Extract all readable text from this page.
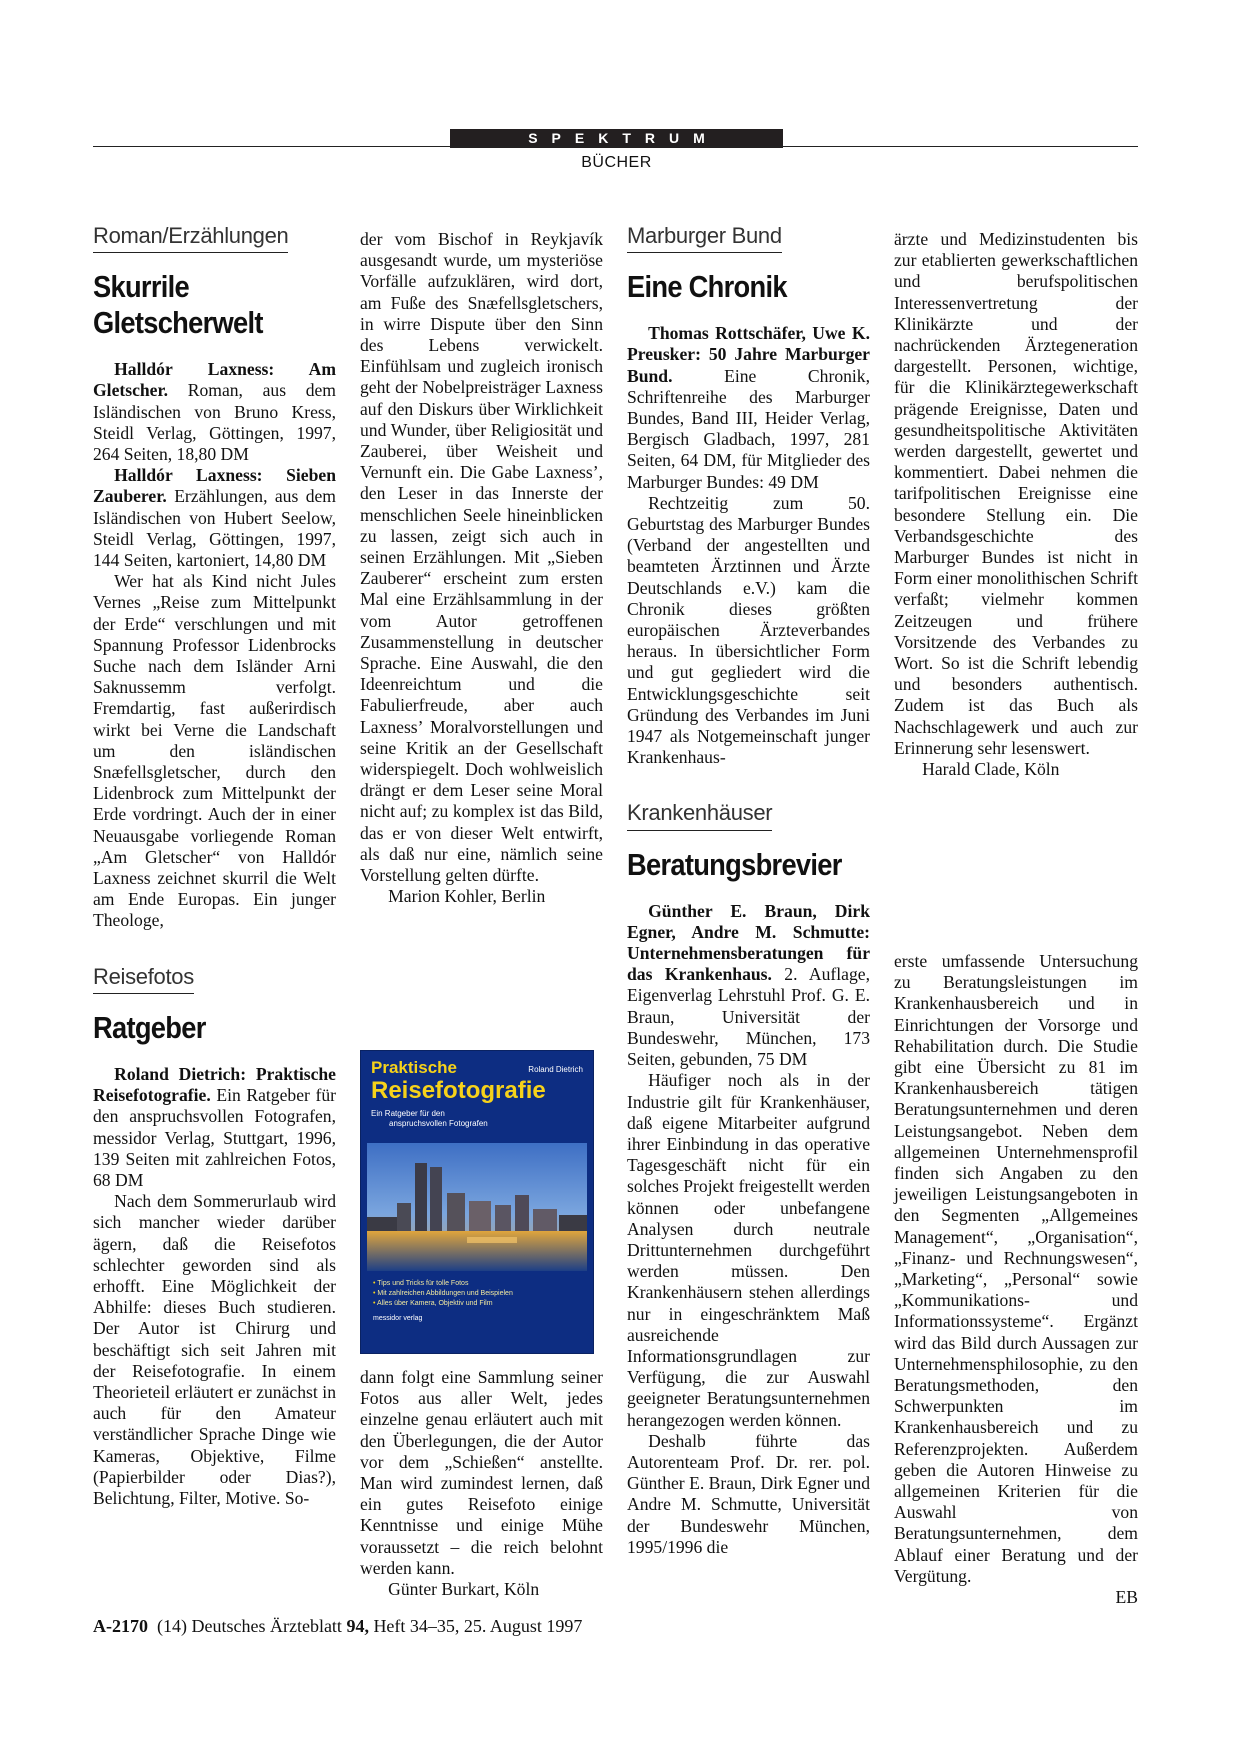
SPEKTRUM
BÜCHER
Roman/Erzählungen
Skurrile
Gletscherwelt

Halldór Laxness: Am Gletscher. Roman, aus dem Isländischen von Bruno Kress, Steidl Verlag, Göttingen, 1997, 264 Seiten, 18,80 DM

Halldór Laxness: Sieben Zauberer. Erzählungen, aus dem Isländischen von Hubert Seelow, Steidl Verlag, Göttingen, 1997, 144 Seiten, kartoniert, 14,80 DM

Wer hat als Kind nicht Jules Vernes „Reise zum Mittelpunkt der Erde“ verschlungen und mit Spannung Professor Lidenbrocks Suche nach dem Isländer Arni Saknussemm verfolgt. Fremdartig, fast außerirdisch wirkt bei Verne die Landschaft um den isländischen Snæfellsgletscher, durch den Lidenbrock zum Mittelpunkt der Erde vordringt. Auch der in einer Neuausgabe vorliegende Roman „Am Gletscher“ von Halldór Laxness zeichnet skurril die Welt am Ende Europas. Ein junger Theologe,

Reisefotos
Ratgeber

Roland Dietrich: Praktische Reisefotografie. Ein Ratgeber für den anspruchsvollen Fotografen, messidor Verlag, Stuttgart, 1996, 139 Seiten mit zahlreichen Fotos, 68 DM

Nach dem Sommerurlaub wird sich mancher wieder darüber ägern, daß die Reisefotos schlechter geworden sind als erhofft. Eine Möglichkeit der Abhilfe: dieses Buch studieren. Der Autor ist Chirurg und beschäftigt sich seit Jahren mit der Reisefotografie. In einem Theorieteil erläutert er zunächst in auch für den Amateur verständlicher Sprache Dinge wie Kameras, Objektive, Filme (Papierbilder oder Dias?), Belichtung, Filter, Motive. So-

der vom Bischof in Reykjavík ausgesandt wurde, um mysteriöse Vorfälle aufzuklären, wird dort, am Fuße des Snæfellsgletschers, in wirre Dispute über den Sinn des Lebens verwickelt. Einfühlsam und zugleich ironisch geht der Nobelpreisträger Laxness auf den Diskurs über Wirklichkeit und Wunder, über Religiosität und Zauberei, über Weisheit und Vernunft ein. Die Gabe Laxness’, den Leser in das Innerste der menschlichen Seele hineinblicken zu lassen, zeigt sich auch in seinen Erzählungen. Mit „Sieben Zauberer“ erscheint zum ersten Mal eine Erzählsammlung in der vom Autor getroffenen Zusammenstellung in deutscher Sprache. Eine Auswahl, die den Ideenreichtum und die Fabulierfreude, aber auch Laxness’ Moralvorstellungen und seine Kritik an der Gesellschaft widerspiegelt. Doch wohlweislich drängt er dem Leser seine Moral nicht auf; zu komplex ist das Bild, das er von dieser Welt entwirft, als daß nur eine, nämlich seine Vorstellung gelten dürfte.

Marion Kohler, Berlin

Praktische
Reisefotografie
Roland Dietrich
Ein Ratgeber für den
anspruchsvollen Fotografen
• Tips und Tricks für tolle Fotos
• Mit zahlreichen Abbildungen und Beispielen
• Alles über Kamera, Objektiv und Film
messidor verlag

dann folgt eine Sammlung seiner Fotos aus aller Welt, jedes einzelne genau erläutert auch mit den Überlegungen, die der Autor vor dem „Schießen“ anstellte. Man wird zumindest lernen, daß ein gutes Reisefoto einige Kenntnisse und einige Mühe voraussetzt – die reich belohnt werden kann.

Günter Burkart, Köln

Marburger Bund
Eine Chronik

Thomas Rottschäfer, Uwe K. Preusker: 50 Jahre Marburger Bund. Eine Chronik, Schriftenreihe des Marburger Bundes, Band III, Heider Verlag, Bergisch Gladbach, 1997, 281 Seiten, 64 DM, für Mitglieder des Marburger Bundes: 49 DM

Rechtzeitig zum 50. Geburtstag des Marburger Bundes (Verband der angestellten und beamteten Ärztinnen und Ärzte Deutschlands e.V.) kam die Chronik dieses größten europäischen Ärzteverbandes heraus. In übersichtlicher Form und gut gegliedert wird die Entwicklungsgeschichte seit Gründung des Verbandes im Juni 1947 als Notgemeinschaft junger Krankenhaus-

Krankenhäuser
Beratungsbrevier

Günther E. Braun, Dirk Egner, Andre M. Schmutte: Unternehmensberatungen für das Krankenhaus. 2. Auflage, Eigenverlag Lehrstuhl Prof. G. E. Braun, Universität der Bundeswehr, München, 173 Seiten, gebunden, 75 DM

Häufiger noch als in der Industrie gilt für Krankenhäuser, daß eigene Mitarbeiter aufgrund ihrer Einbindung in das operative Tagesgeschäft nicht für ein solches Projekt freigestellt werden können oder unbefangene Analysen durch neutrale Drittunternehmen durchgeführt werden müssen. Den Krankenhäusern stehen allerdings nur in eingeschränktem Maß ausreichende Informationsgrundlagen zur Verfügung, die zur Auswahl geeigneter Beratungsunternehmen herangezogen werden können.

Deshalb führte das Autorenteam Prof. Dr. rer. pol. Günther E. Braun, Dirk Egner und Andre M. Schmutte, Universität der Bundeswehr München, 1995/1996 die

ärzte und Medizinstudenten bis zur etablierten gewerkschaftlichen und berufspolitischen Interessenvertretung der Klinikärzte und der nachrückenden Ärztegeneration dargestellt. Personen, wichtige, für die Klinikärztegewerkschaft prägende Ereignisse, Daten und gesundheitspolitische Aktivitäten werden dargestellt, gewertet und kommentiert. Dabei nehmen die tarifpolitischen Ereignisse eine besondere Stellung ein. Die Verbandsgeschichte des Marburger Bundes ist nicht in Form einer monolithischen Schrift verfaßt; vielmehr kommen Zeitzeugen und frühere Vorsitzende des Verbandes zu Wort. So ist die Schrift lebendig und besonders authentisch. Zudem ist das Buch als Nachschlagewerk und auch zur Erinnerung sehr lesenswert.

Harald Clade, Köln

erste umfassende Untersuchung zu Beratungsleistungen im Krankenhausbereich und in Einrichtungen der Vorsorge und Rehabilitation durch. Die Studie gibt eine Übersicht zu 81 im Krankenhausbereich tätigen Beratungsunternehmen und deren Leistungsangebot. Neben dem allgemeinen Unternehmensprofil finden sich Angaben zu den jeweiligen Leistungsangeboten in den Segmenten „Allgemeines Management“, „Organisation“, „Finanz- und Rechnungswesen“, „Marketing“, „Personal“ sowie „Kommunikations- und Informationssysteme“. Ergänzt wird das Bild durch Aussagen zur Unternehmensphilosophie, zu den Beratungsmethoden, den Schwerpunkten im Krankenhausbereich und zu Referenzprojekten. Außerdem geben die Autoren Hinweise zu allgemeinen Kriterien für die Auswahl von Beratungsunternehmen, dem Ablauf einer Beratung und der Vergütung.

EB

A-2170  (14) Deutsches Ärzteblatt 94, Heft 34–35, 25. August 1997
